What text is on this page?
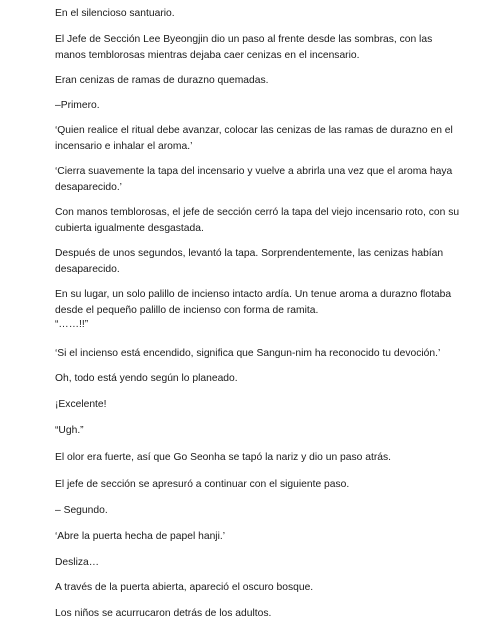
En el silencioso santuario.

El Jefe de Sección Lee Byeongjin dio un paso al frente desde las sombras, con las manos temblorosas mientras dejaba caer cenizas en el incensario.

Eran cenizas de ramas de durazno quemadas.

–Primero.

‘Quien realice el ritual debe avanzar, colocar las cenizas de las ramas de durazno en el incensario e inhalar el aroma.’

‘Cierra suavemente la tapa del incensario y vuelve a abrirla una vez que el aroma haya desaparecido.’

Con manos temblorosas, el jefe de sección cerró la tapa del viejo incensario roto, con su cubierta igualmente desgastada.

Después de unos segundos, levantó la tapa. Sorprendentemente, las cenizas habían desaparecido.

En su lugar, un solo palillo de incienso intacto ardía. Un tenue aroma a durazno flotaba desde el pequeño palillo de incienso con forma de ramita.

“……!!”

‘Si el incienso está encendido, significa que Sangun-nim ha reconocido tu devoción.’

Oh, todo está yendo según lo planeado.

¡Excelente!

“Ugh.”

El olor era fuerte, así que Go Seonha se tapó la nariz y dio un paso atrás.

El jefe de sección se apresuró a continuar con el siguiente paso.

– Segundo.

‘Abre la puerta hecha de papel hanji.’

Desliza…

A través de la puerta abierta, apareció el oscuro bosque.

Los niños se acurrucaron detrás de los adultos.
